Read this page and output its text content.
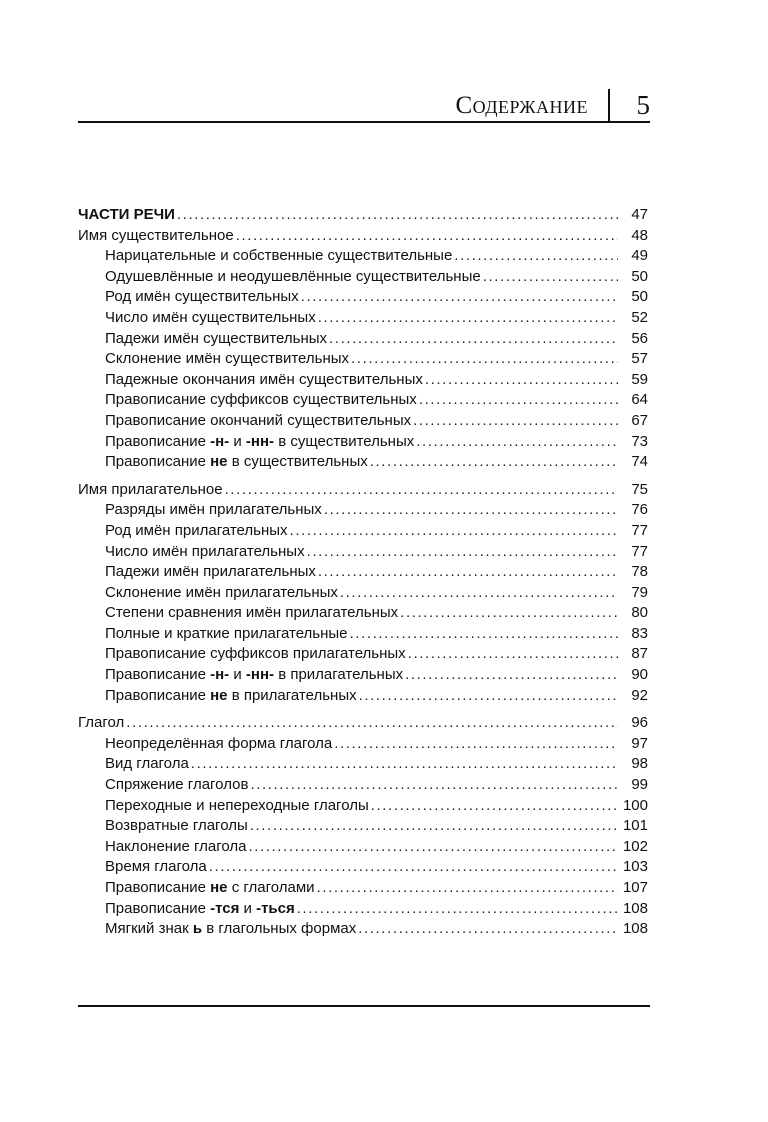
Содержание	5
ЧАСТИ РЕЧИ .....	47
Имя существительное .....	48
Нарицательные и собственные существительные .....	49
Одушевлённые и неодушевлённые существительные .....	50
Род имён существительных .....	50
Число имён существительных .....	52
Падежи имён существительных .....	56
Склонение имён существительных .....	57
Падежные окончания имён существительных .....	59
Правописание суффиксов существительных .....	64
Правописание окончаний существительных .....	67
Правописание -н- и -нн- в существительных .....	73
Правописание не в существительных .....	74
Имя прилагательное .....	75
Разряды имён прилагательных .....	76
Род имён прилагательных .....	77
Число имён прилагательных .....	77
Падежи имён прилагательных .....	78
Склонение имён прилагательных .....	79
Степени сравнения имён прилагательных .....	80
Полные и краткие прилагательные .....	83
Правописание суффиксов прилагательных .....	87
Правописание -н- и -нн- в прилагательных .....	90
Правописание не в прилагательных .....	92
Глагол .....	96
Неопределённая форма глагола .....	97
Вид глагола .....	98
Спряжение глаголов .....	99
Переходные и непереходные глаголы .....	100
Возвратные глаголы .....	101
Наклонение глагола .....	102
Время глагола .....	103
Правописание не с глаголами .....	107
Правописание -тся и -ться .....	108
Мягкий знак ь в глагольных формах .....	108
